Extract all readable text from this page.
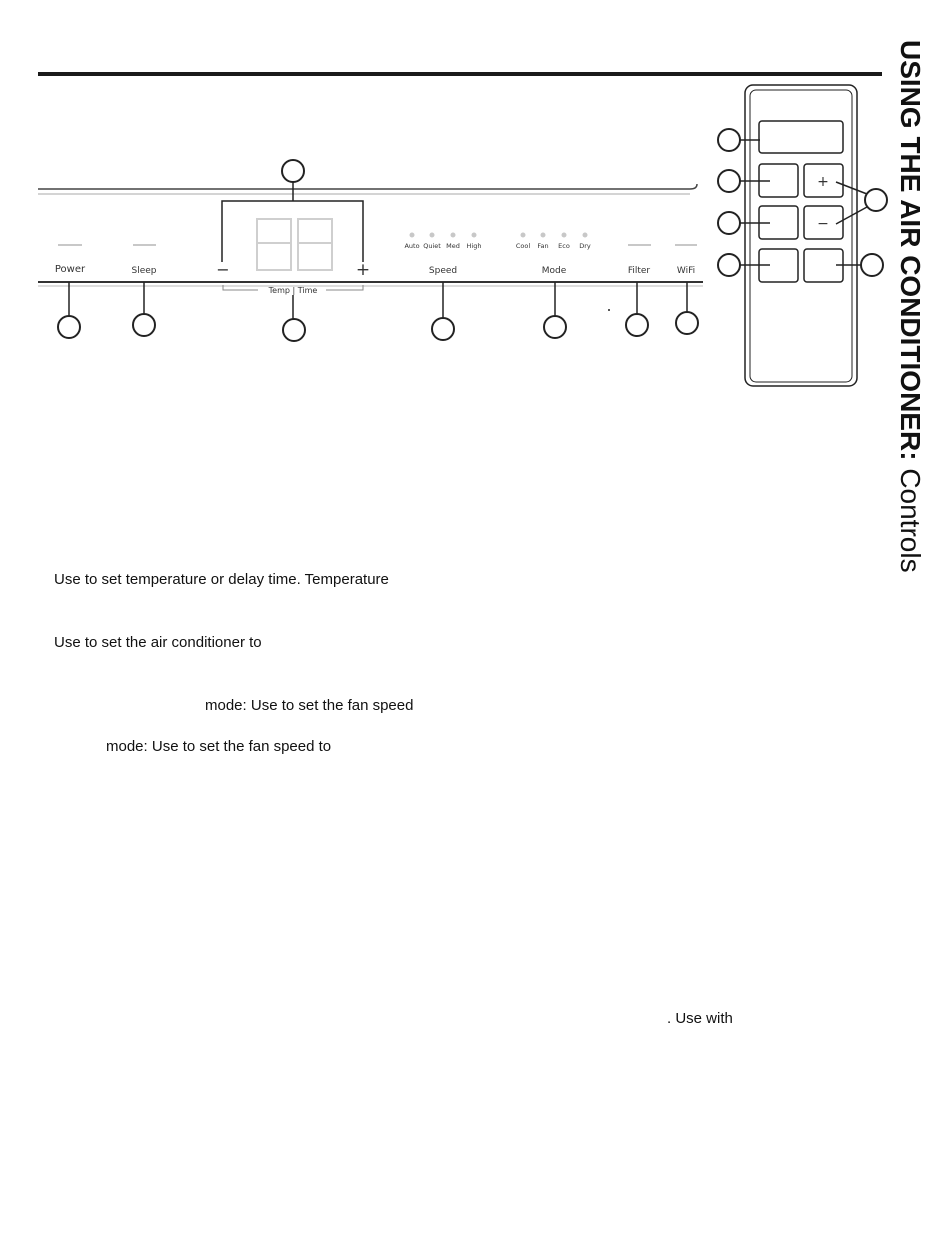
USING THE AIR CONDITIONER: Controls
Power	Sleep	−	+
Temp | Time
Auto Quiet Med High
Speed
Cool Fan Eco Dry
Mode	Filter	WiFi
+
−
Use to set temperature or delay time. Temperature
Use to set the air conditioner to
mode: Use to set the fan speed
mode: Use to set the fan speed to
. Use with
